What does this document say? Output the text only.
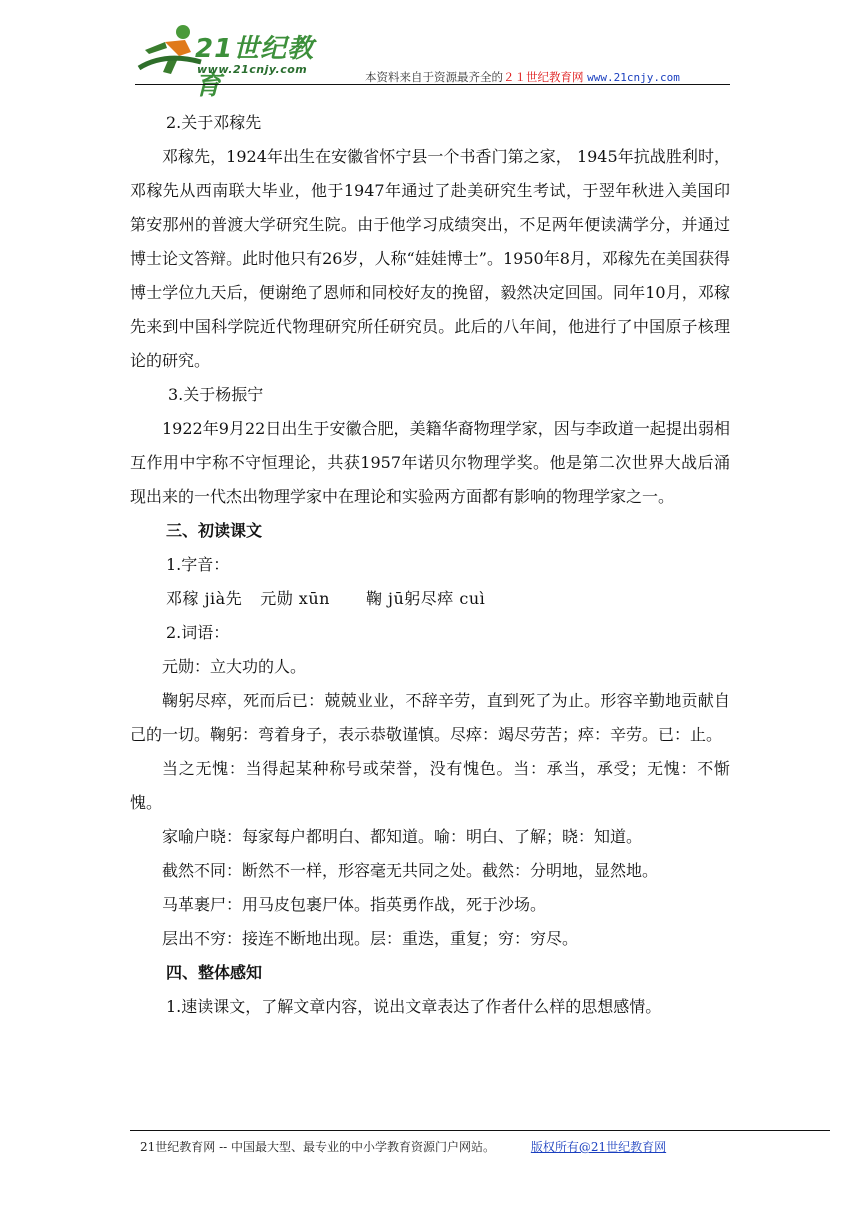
21世纪教育
www.21cnjy.com
本资料来自于资源最齐全的２１世纪教育网 www.21cnjy.com

2.关于邓稼先

邓稼先，1924年出生在安徽省怀宁县一个书香门第之家， 1945年抗战胜利时，邓稼先从西南联大毕业，他于1947年通过了赴美研究生考试，于翌年秋进入美国印第安那州的普渡大学研究生院。由于他学习成绩突出，不足两年便读满学分，并通过博士论文答辩。此时他只有26岁，人称“娃娃博士”。1950年8月，邓稼先在美国获得博士学位九天后，便谢绝了恩师和同校好友的挽留，毅然决定回国。同年10月，邓稼先来到中国科学院近代物理研究所任研究员。此后的八年间，他进行了中国原子核理论的研究。

3.关于杨振宁

1922年9月22日出生于安徽合肥，美籍华裔物理学家，因与李政道一起提出弱相互作用中宇称不守恒理论，共获1957年诺贝尔物理学奖。他是第二次世界大战后涌现出来的一代杰出物理学家中在理论和实验两方面都有影响的物理学家之一。

三、初读课文

1.字音：

邓稼 jià先 元勋 xūn 鞠 jū躬尽瘁 cuì

2.词语：

元勋：立大功的人。

鞠躬尽瘁，死而后已：兢兢业业，不辞辛劳，直到死了为止。形容辛勤地贡献自己的一切。鞠躬：弯着身子，表示恭敬谨慎。尽瘁：竭尽劳苦；瘁：辛劳。已：止。

当之无愧：当得起某种称号或荣誉，没有愧色。当：承当，承受；无愧：不惭愧。

家喻户晓：每家每户都明白、都知道。喻：明白、了解；晓：知道。

截然不同：断然不一样，形容毫无共同之处。截然：分明地，显然地。

马革裹尸：用马皮包裹尸体。指英勇作战，死于沙场。

层出不穷：接连不断地出现。层：重迭，重复；穷：穷尽。

四、整体感知

1.速读课文，了解文章内容，说出文章表达了作者什么样的思想感情。

21世纪教育网 -- 中国最大型、最专业的中小学教育资源门户网站。	版权所有@21世纪教育网
